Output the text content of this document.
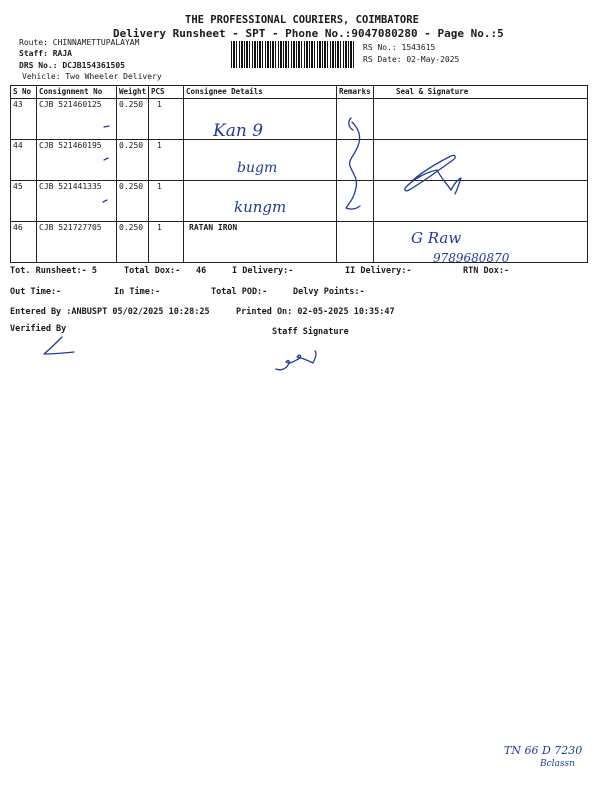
THE PROFESSIONAL COURIERS, COIMBATORE
Delivery Runsheet - SPT - Phone No.:9047080280 - Page No.:5
Route: CHINNAMETTUPALAYAM
Staff: RAJA
DRS No.: DCJB154361505
Vehicle: Two Wheeler Delivery
RS No.: 1543615
RS Date: 02-May-2025
S No	Consignment No	Weight	PCS	Consignee Details	Remarks	Seal & Signature
43	CJB 521460125	0.250	1			
44	CJB 521460195	0.250	1			
45	CJB 521441335	0.250	1			
46	CJB 521727705	0.250	1	RATAN IRON		
Tot. Runsheet:- 5	Total Dox:- 46	I Delivery:-	II Delivery:-	RTN Dox:-
Out Time:-	In Time:-	Total POD:-	Delvy Points:-
Entered By :ANBUSPT 05/02/2025 10:28:25	Printed On: 02-05-2025 10:35:47
Verified By	Staff Signature
Kan 9
bugm
kungm
G Raw
9789680870
TN 66 D 7230
Bclassn
